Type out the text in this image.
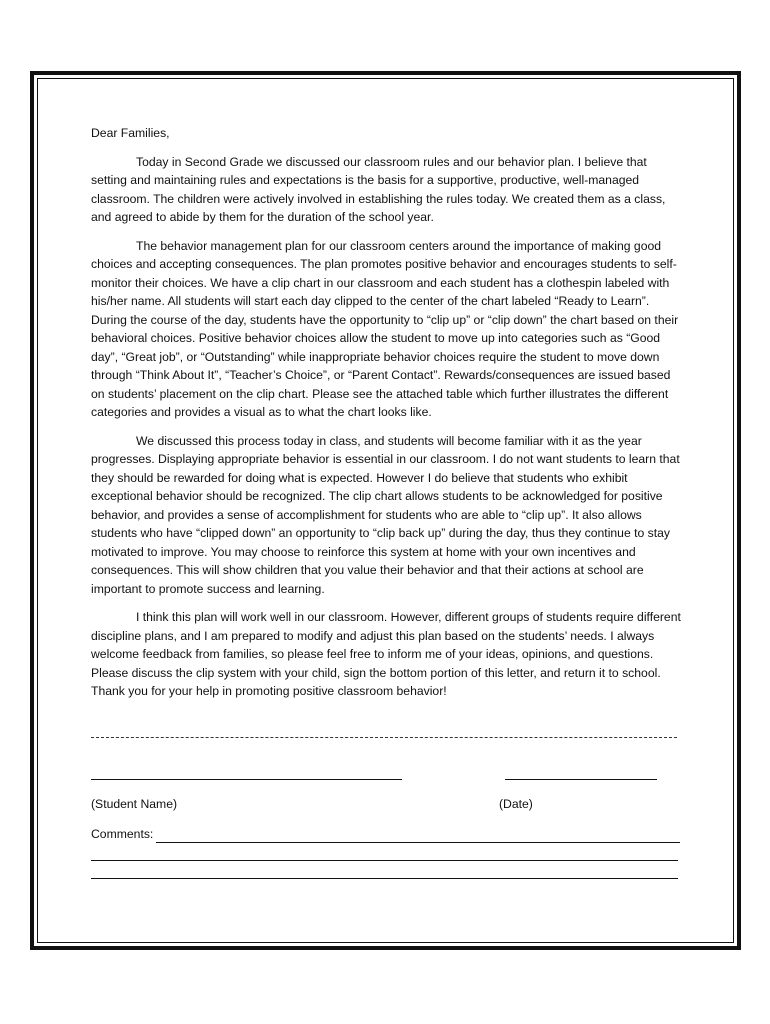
Dear Families,

Today in Second Grade we discussed our classroom rules and our behavior plan. I believe that setting and maintaining rules and expectations is the basis for a supportive, productive, well-managed classroom. The children were actively involved in establishing the rules today. We created them as a class, and agreed to abide by them for the duration of the school year.

The behavior management plan for our classroom centers around the importance of making good choices and accepting consequences. The plan promotes positive behavior and encourages students to self-monitor their choices. We have a clip chart in our classroom and each student has a clothespin labeled with his/her name. All students will start each day clipped to the center of the chart labeled “Ready to Learn”. During the course of the day, students have the opportunity to “clip up” or “clip down” the chart based on their behavioral choices. Positive behavior choices allow the student to move up into categories such as “Good day”, “Great job”, or “Outstanding” while inappropriate behavior choices require the student to move down through “Think About It”, “Teacher’s Choice”, or “Parent Contact”. Rewards/consequences are issued based on students’ placement on the clip chart. Please see the attached table which further illustrates the different categories and provides a visual as to what the chart looks like.

We discussed this process today in class, and students will become familiar with it as the year progresses. Displaying appropriate behavior is essential in our classroom. I do not want students to learn that they should be rewarded for doing what is expected. However I do believe that students who exhibit exceptional behavior should be recognized. The clip chart allows students to be acknowledged for positive behavior, and provides a sense of accomplishment for students who are able to “clip up”. It also allows students who have “clipped down” an opportunity to “clip back up” during the day, thus they continue to stay motivated to improve. You may choose to reinforce this system at home with your own incentives and consequences. This will show children that you value their behavior and that their actions at school are important to promote success and learning.

I think this plan will work well in our classroom. However, different groups of students require different discipline plans, and I am prepared to modify and adjust this plan based on the students’ needs. I always welcome feedback from families, so please feel free to inform me of your ideas, opinions, and questions. Please discuss the clip system with your child, sign the bottom portion of this letter, and return it to school. Thank you for your help in promoting positive classroom behavior!

(Student Name)	(Date)
Comments:
